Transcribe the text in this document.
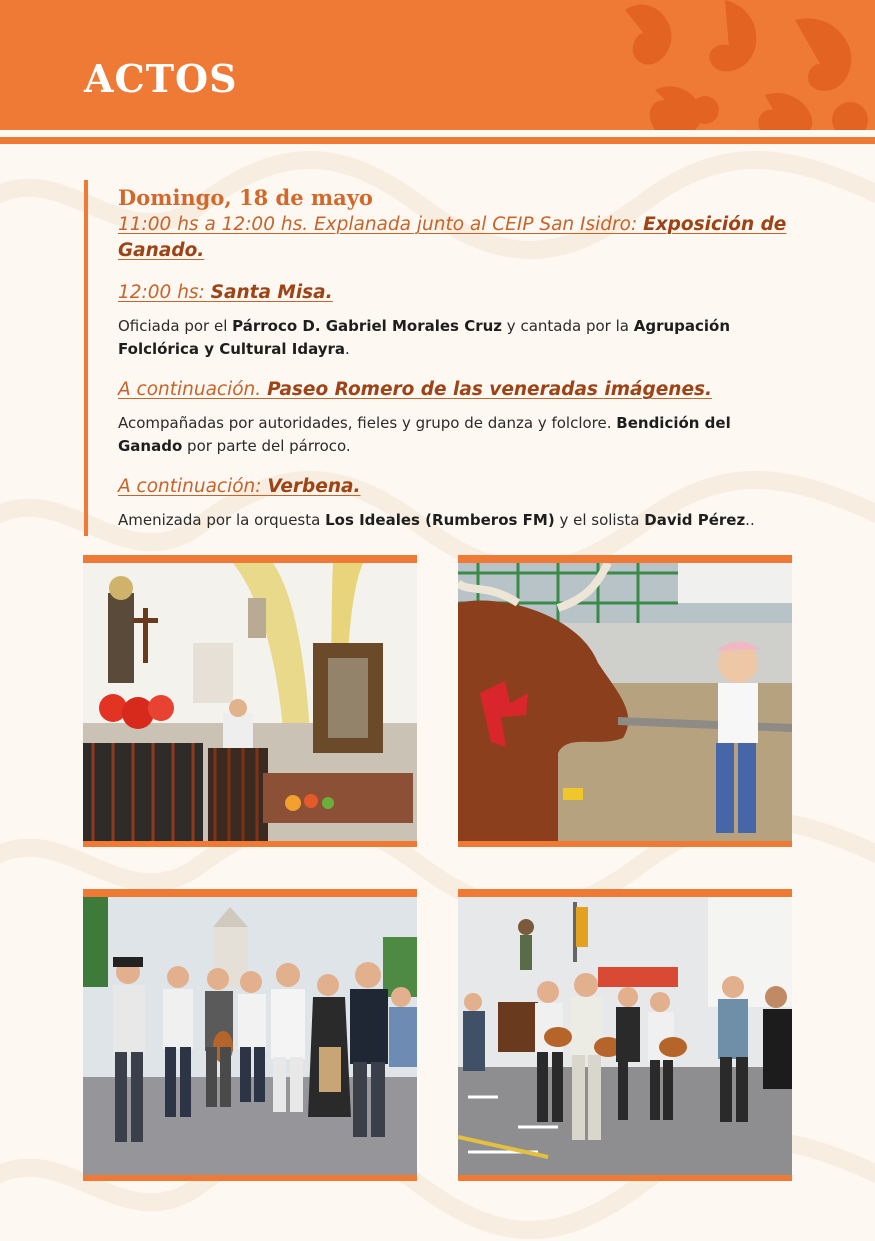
ACTOS

Domingo, 18 de mayo

11:00 hs a 12:00 hs. Explanada junto al CEIP San Isidro: Exposición de Ganado.

12:00 hs: Santa Misa.

Oficiada por el Párroco D. Gabriel Morales Cruz y cantada por la Agrupación Folclórica y Cultural Idayra.

A continuación. Paseo Romero de las veneradas imágenes.

Acompañadas por autoridades, fieles y grupo de danza y folclore. Bendición del Ganado por parte del párroco.

A continuación: Verbena.

Amenizada por la orquesta Los Ideales (Rumberos FM) y el solista David Pérez..
